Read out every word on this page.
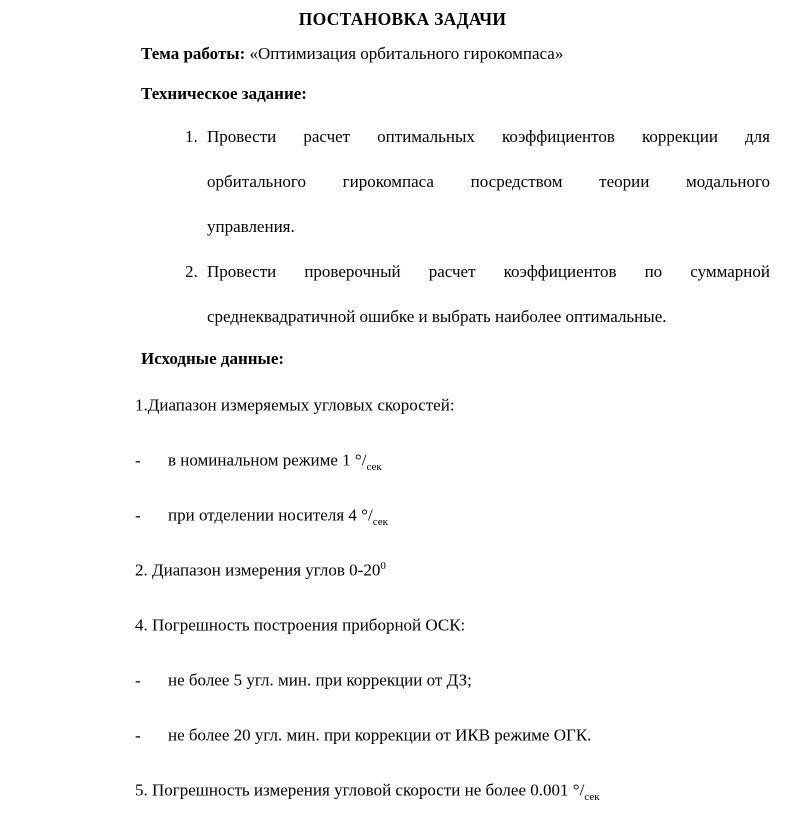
ПОСТАНОВКА ЗАДАЧИ

Тема работы: «Оптимизация орбитального гирокомпаса»

Техническое задание:

1. Провести расчет оптимальных коэффициентов коррекции для
орбитального гирокомпаса посредством теории модального
управления.
2. Провести проверочный расчет коэффициентов по суммарной
среднеквадратичной ошибке и выбрать наиболее оптимальные.

Исходные данные:

1.Диапазон измеряемых угловых скоростей:
- в номинальном режиме 1 $^\circ/_{сек}$
- при отделении носителя 4 $^\circ/_{сек}$
2. Диапазон измерения углов $0-20^0$
4. Погрешность построения приборной ОСК:
- не более 5 угл. мин. при коррекции от ДЗ;
- не более 20 угл. мин. при коррекции от ИКВ режиме ОГК.
5. Погрешность измерения угловой скорости не более 0.001 $^\circ/_{сек}$
